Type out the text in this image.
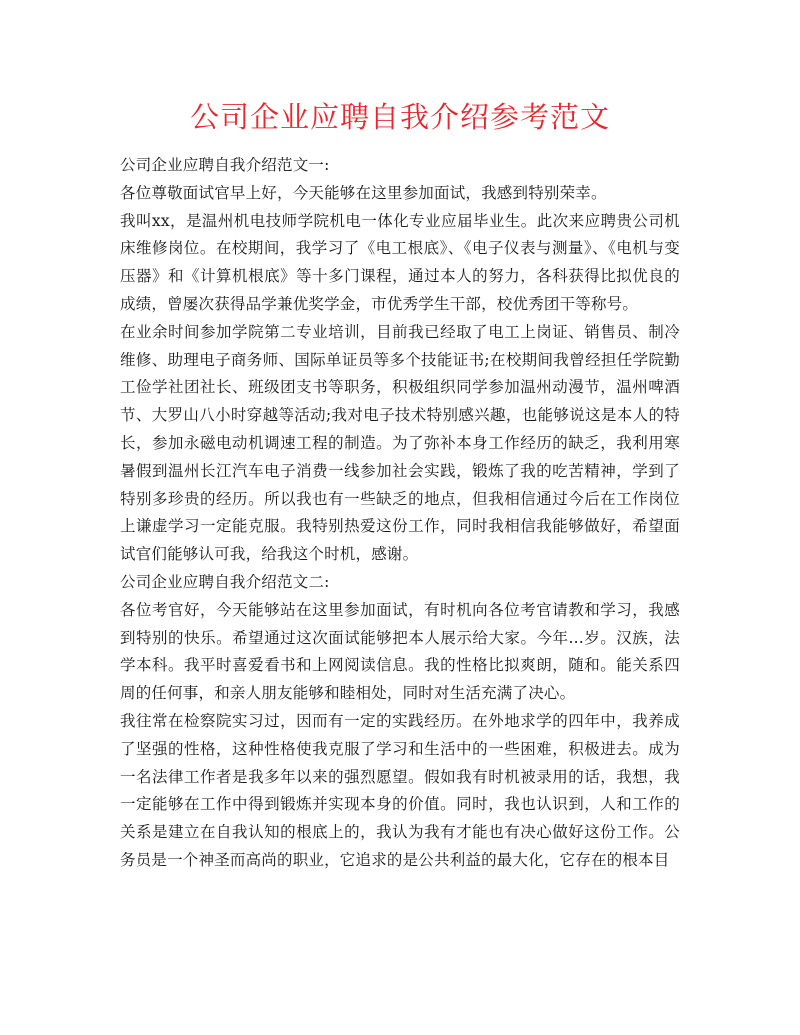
公司企业应聘自我介绍参考范文

公司企业应聘自我介绍范文一:

各位尊敬面试官早上好，今天能够在这里参加面试，我感到特别荣幸。

我叫xx，是温州机电技师学院机电一体化专业应届毕业生。此次来应聘贵公司机床维修岗位。在校期间，我学习了《电工根底》、《电子仪表与测量》、《电机与变压器》和《计算机根底》等十多门课程，通过本人的努力，各科获得比拟优良的成绩，曾屡次获得品学兼优奖学金，市优秀学生干部，校优秀团干等称号。

在业余时间参加学院第二专业培训，目前我已经取了电工上岗证、销售员、制冷维修、助理电子商务师、国际单证员等多个技能证书;在校期间我曾经担任学院勤工俭学社团社长、班级团支书等职务，积极组织同学参加温州动漫节，温州啤酒节、大罗山八小时穿越等活动;我对电子技术特别感兴趣，也能够说这是本人的特长，参加永磁电动机调速工程的制造。为了弥补本身工作经历的缺乏，我利用寒暑假到温州长江汽车电子消费一线参加社会实践，锻炼了我的吃苦精神，学到了特别多珍贵的经历。所以我也有一些缺乏的地点，但我相信通过今后在工作岗位上谦虚学习一定能克服。我特别热爱这份工作，同时我相信我能够做好，希望面试官们能够认可我，给我这个时机，感谢。

公司企业应聘自我介绍范文二:

各位考官好，今天能够站在这里参加面试，有时机向各位考官请教和学习，我感到特别的快乐。希望通过这次面试能够把本人展示给大家。今年...岁。汉族，法学本科。我平时喜爱看书和上网阅读信息。我的性格比拟爽朗，随和。能关系四周的任何事，和亲人朋友能够和睦相处，同时对生活充满了决心。

我往常在检察院实习过，因而有一定的实践经历。在外地求学的四年中，我养成了坚强的性格，这种性格使我克服了学习和生活中的一些困难，积极进去。成为一名法律工作者是我多年以来的强烈愿望。假如我有时机被录用的话，我想，我一定能够在工作中得到锻炼并实现本身的价值。同时，我也认识到，人和工作的关系是建立在自我认知的根底上的，我认为我有才能也有决心做好这份工作。公务员是一个神圣而高尚的职业，它追求的是公共利益的最大化，它存在的根本目
